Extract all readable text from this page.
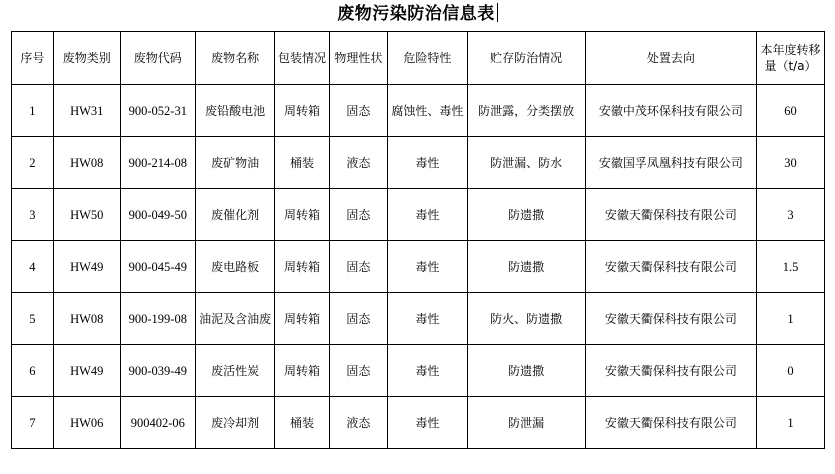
废物污染防治信息表
序号	废物类别	废物代码	废物名称	包装情况	物理性状	危险特性	贮存防治情况	处置去向	本年度转移量（t/a）
1	HW31	900-052-31	废铅酸电池	周转箱	固态	腐蚀性、毒性	防泄露，分类摆放	安徽中茂环保科技有限公司	60
2	HW08	900-214-08	废矿物油	桶装	液态	毒性	防泄漏、防水	安徽国孚凤凰科技有限公司	30
3	HW50	900-049-50	废催化剂	周转箱	固态	毒性	防遗撒	安徽天衢保科技有限公司	3
4	HW49	900-045-49	废电路板	周转箱	固态	毒性	防遗撒	安徽天衢保科技有限公司	1.5
5	HW08	900-199-08	油泥及含油废	周转箱	固态	毒性	防火、防遗撒	安徽天衢保科技有限公司	1
6	HW49	900-039-49	废活性炭	周转箱	固态	毒性	防遗撒	安徽天衢保科技有限公司	0
7	HW06	900402-06	废冷却剂	桶装	液态	毒性	防泄漏	安徽天衢保科技有限公司	1
